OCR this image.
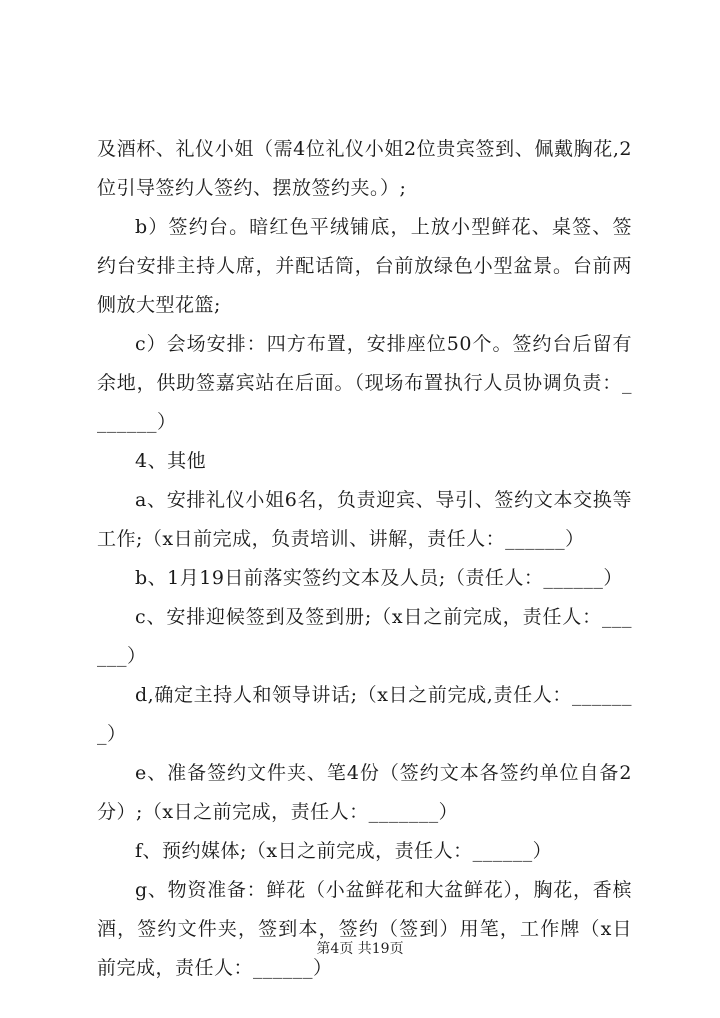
及酒杯、礼仪小姐（需4位礼仪小姐2位贵宾签到、佩戴胸花,2位引导签约人签约、摆放签约夹。）;

b）签约台。暗红色平绒铺底，上放小型鲜花、桌签、签约台安排主持人席，并配话筒，台前放绿色小型盆景。台前两侧放大型花篮;

c）会场安排：四方布置，安排座位50个。签约台后留有余地，供助签嘉宾站在后面。（现场布置执行人员协调负责：_______）

4、其他

a、安排礼仪小姐6名，负责迎宾、导引、签约文本交换等工作;（x日前完成，负责培训、讲解，责任人：______）

b、1月19日前落实签约文本及人员;（责任人：______）

c、安排迎候签到及签到册;（x日之前完成，责任人：______）

d,确定主持人和领导讲话;（x日之前完成,责任人：_______）

e、准备签约文件夹、笔4份（签约文本各签约单位自备2分）;（x日之前完成，责任人：_______）

f、预约媒体;（x日之前完成，责任人：______）

g、物资准备：鲜花（小盆鲜花和大盆鲜花），胸花，香槟酒，签约文件夹，签到本，签约（签到）用笔，工作牌（x日前完成，责任人：______）

第4页 共19页
